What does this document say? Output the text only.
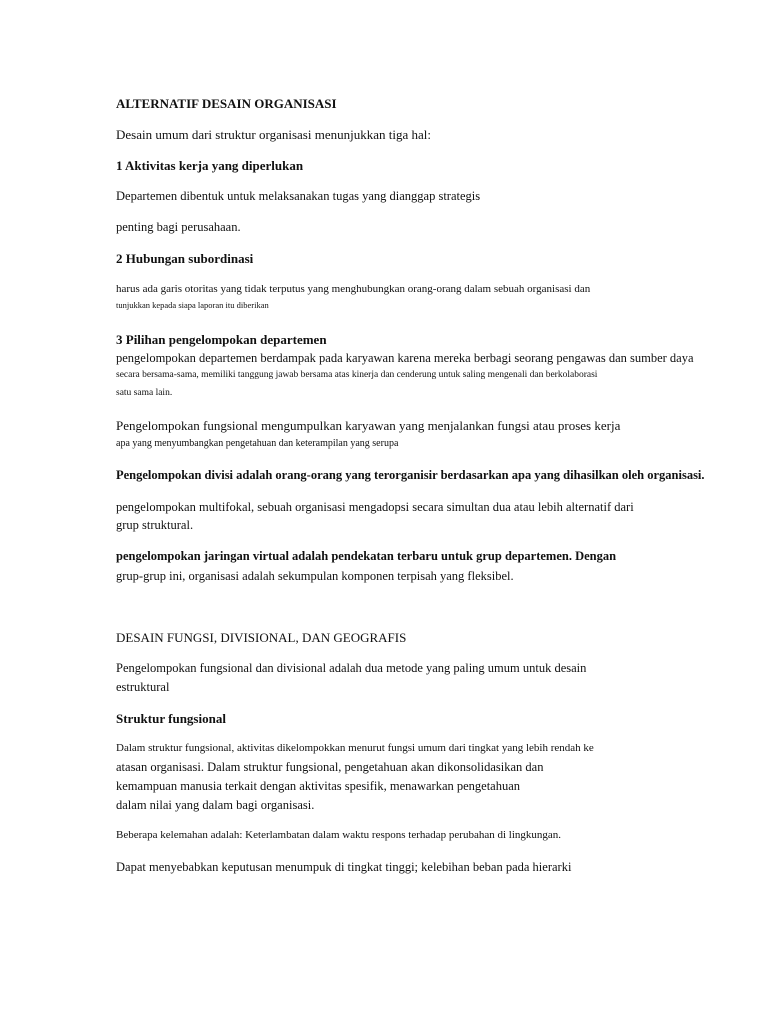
ALTERNATIF DESAIN ORGANISASI
Desain umum dari struktur organisasi menunjukkan tiga hal:
1 Aktivitas kerja yang diperlukan
Departemen dibentuk untuk melaksanakan tugas yang dianggap strategis
penting bagi perusahaan.
2 Hubungan subordinasi
harus ada garis otoritas yang tidak terputus yang menghubungkan orang-orang dalam sebuah organisasi dan
tunjukkan kepada siapa laporan itu diberikan
3 Pilihan pengelompokan departemen
pengelompokan departemen berdampak pada karyawan karena mereka berbagi seorang pengawas dan sumber daya
secara bersama-sama, memiliki tanggung jawab bersama atas kinerja dan cenderung untuk saling mengenali dan berkolaborasi
satu sama lain.
Pengelompokan fungsional mengumpulkan karyawan yang menjalankan fungsi atau proses kerja
apa yang menyumbangkan pengetahuan dan keterampilan yang serupa
Pengelompokan divisi adalah orang-orang yang terorganisir berdasarkan apa yang dihasilkan oleh organisasi.
pengelompokan multifokal, sebuah organisasi mengadopsi secara simultan dua atau lebih alternatif dari
grup struktural.
pengelompokan jaringan virtual adalah pendekatan terbaru untuk grup departemen. Dengan
grup-grup ini, organisasi adalah sekumpulan komponen terpisah yang fleksibel.
DESAIN FUNGSI, DIVISIONAL, DAN GEOGRAFIS
Pengelompokan fungsional dan divisional adalah dua metode yang paling umum untuk desain
estruktural
Struktur fungsional
Dalam struktur fungsional, aktivitas dikelompokkan menurut fungsi umum dari tingkat yang lebih rendah ke
atasan organisasi. Dalam struktur fungsional, pengetahuan akan dikonsolidasikan dan
kemampuan manusia terkait dengan aktivitas spesifik, menawarkan pengetahuan
dalam nilai yang dalam bagi organisasi.
Beberapa kelemahan adalah: Keterlambatan dalam waktu respons terhadap perubahan di lingkungan.
Dapat menyebabkan keputusan menumpuk di tingkat tinggi; kelebihan beban pada hierarki
